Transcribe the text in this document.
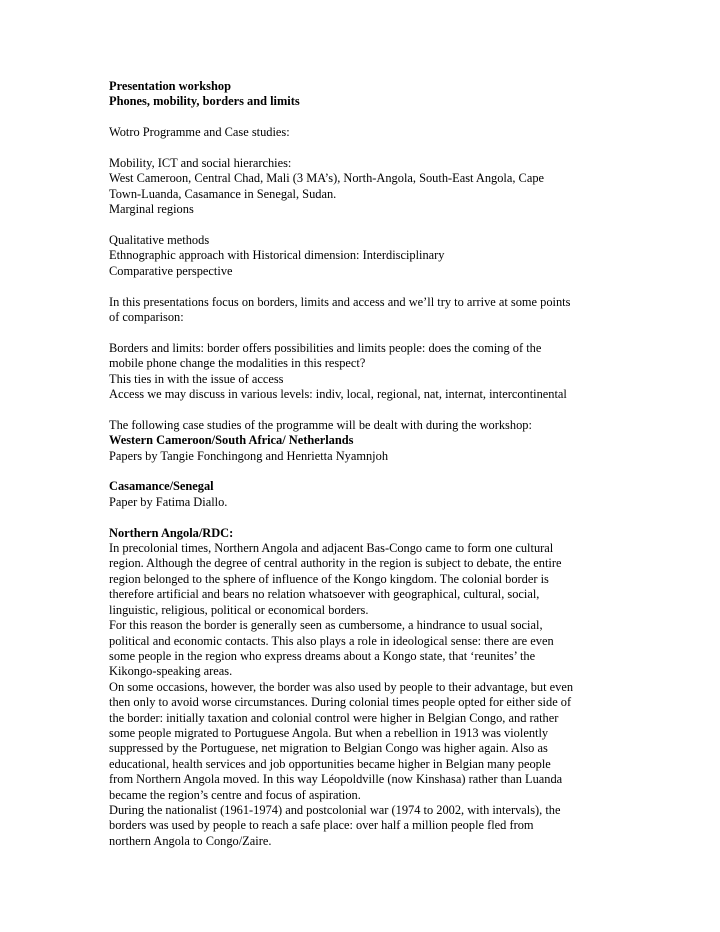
Presentation workshop
Phones, mobility, borders and limits
Wotro Programme and Case studies:
Mobility, ICT and social hierarchies:
West Cameroon, Central Chad, Mali (3 MA’s), North-Angola, South-East Angola, Cape
Town-Luanda, Casamance in Senegal, Sudan.
Marginal regions
Qualitative methods
Ethnographic approach with Historical dimension: Interdisciplinary
Comparative perspective
In this presentations focus on borders, limits and access and we’ll try to arrive at some points
of comparison:
Borders and limits: border offers possibilities and limits people: does the coming of the
mobile phone change the modalities in this respect?
This ties in with the issue of access
Access we may discuss in various levels: indiv, local, regional, nat, internat, intercontinental
The following case studies of the programme will be dealt with during the workshop:
Western Cameroon/South Africa/ Netherlands
Papers by Tangie Fonchingong and Henrietta Nyamnjoh
Casamance/Senegal
Paper by Fatima Diallo.
Northern Angola/RDC:
In precolonial times, Northern Angola and adjacent Bas-Congo came to form one cultural
region. Although the degree of central authority in the region is subject to debate, the entire
region belonged to the sphere of influence of the Kongo kingdom. The colonial border is
therefore artificial and bears no relation whatsoever with geographical, cultural, social,
linguistic, religious, political or economical borders.
For this reason the border is generally seen as cumbersome, a hindrance to usual social,
political and economic contacts. This also plays a role in ideological sense: there are even
some people in the region who express dreams about a Kongo state, that ‘reunites’ the
Kikongo-speaking areas.
On some occasions, however, the border was also used by people to their advantage, but even
then only to avoid worse circumstances. During colonial times people opted for either side of
the border: initially taxation and colonial control were higher in Belgian Congo, and rather
some people migrated to Portuguese Angola. But when a rebellion in 1913 was violently
suppressed by the Portuguese, net migration to Belgian Congo was higher again. Also as
educational, health services and job opportunities became higher in Belgian many people
from Northern Angola moved. In this way Léopoldville (now Kinshasa) rather than Luanda
became the region’s centre and focus of aspiration.
During the nationalist (1961-1974) and postcolonial war (1974 to 2002, with intervals), the
borders was used by people to reach a safe place: over half a million people fled from
northern Angola to Congo/Zaire.
